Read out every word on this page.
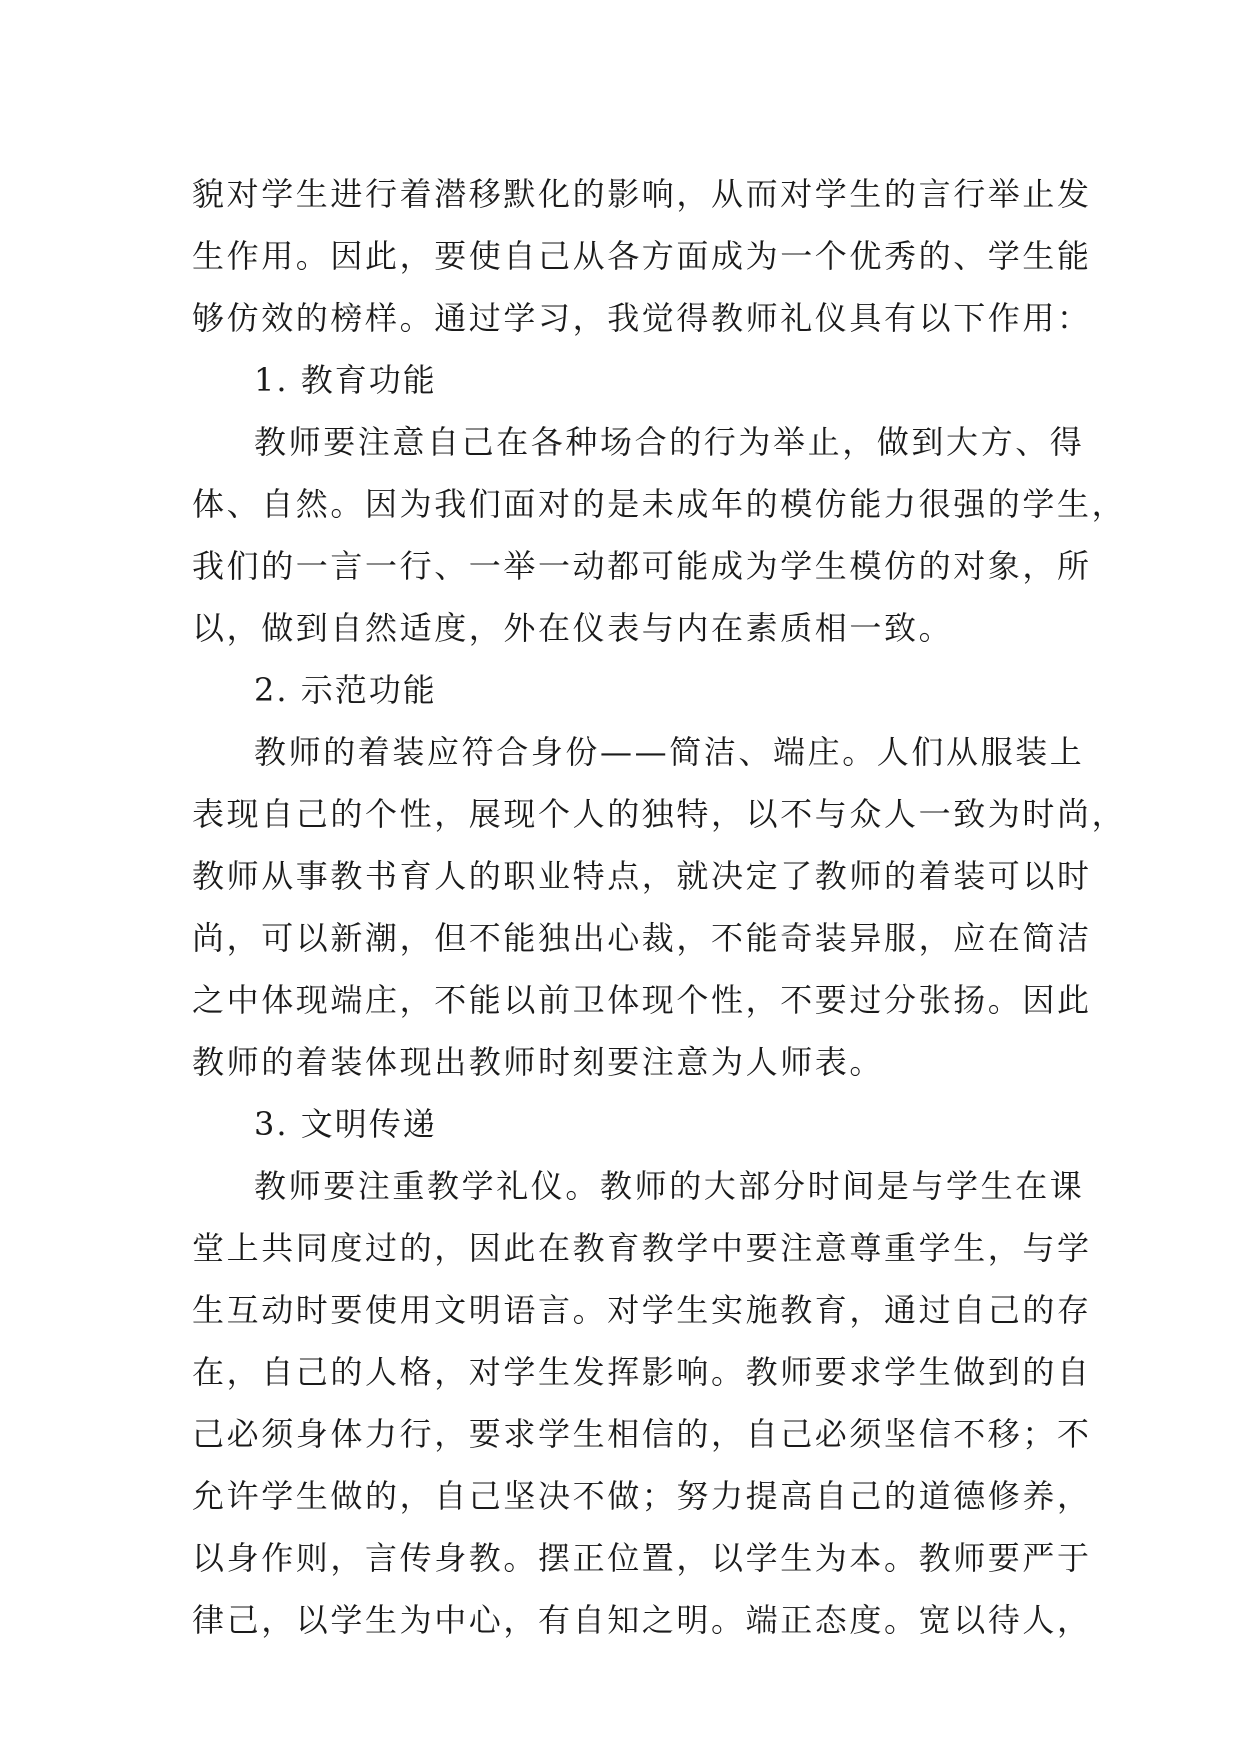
貌对学生进行着潜移默化的影响，从而对学生的言行举止发
生作用。因此，要使自己从各方面成为一个优秀的、学生能
够仿效的榜样。通过学习，我觉得教师礼仪具有以下作用：
1. 教育功能
教师要注意自己在各种场合的行为举止，做到大方、得
体、自然。因为我们面对的是未成年的模仿能力很强的学生，
我们的一言一行、一举一动都可能成为学生模仿的对象，所
以，做到自然适度，外在仪表与内在素质相一致。
2. 示范功能
教师的着装应符合身份——简洁、端庄。人们从服装上
表现自己的个性，展现个人的独特，以不与众人一致为时尚，
教师从事教书育人的职业特点，就决定了教师的着装可以时
尚，可以新潮，但不能独出心裁，不能奇装异服，应在简洁
之中体现端庄，不能以前卫体现个性，不要过分张扬。因此
教师的着装体现出教师时刻要注意为人师表。
3. 文明传递
教师要注重教学礼仪。教师的大部分时间是与学生在课
堂上共同度过的，因此在教育教学中要注意尊重学生，与学
生互动时要使用文明语言。对学生实施教育，通过自己的存
在，自己的人格，对学生发挥影响。教师要求学生做到的自
己必须身体力行，要求学生相信的，自己必须坚信不移；不
允许学生做的，自己坚决不做；努力提高自己的道德修养，
以身作则，言传身教。摆正位置，以学生为本。教师要严于
律己，以学生为中心，有自知之明。端正态度。宽以待人，
